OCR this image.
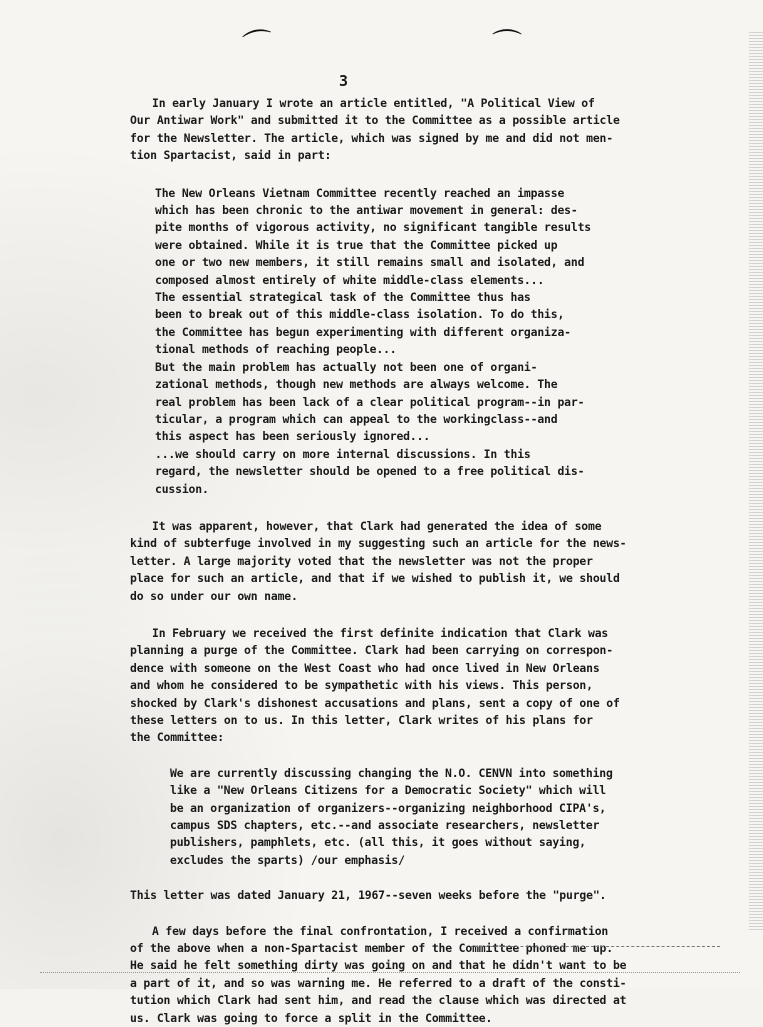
⌒	⌒
3

In early January I wrote an article entitled, "A Political View of
Our Antiwar Work" and submitted it to the Committee as a possible article
for the Newsletter. The article, which was signed by me and did not men-
tion Spartacist, said in part:

The New Orleans Vietnam Committee recently reached an impasse
which has been chronic to the antiwar movement in general: des-
pite months of vigorous activity, no significant tangible results
were obtained. While it is true that the Committee picked up
one or two new members, it still remains small and isolated, and
composed almost entirely of white middle-class elements...
The essential strategical task of the Committee thus has
been to break out of this middle-class isolation. To do this,
the Committee has begun experimenting with different organiza-
tional methods of reaching people...
But the main problem has actually not been one of organi-
zational methods, though new methods are always welcome. The
real problem has been lack of a clear political program--in par-
ticular, a program which can appeal to the workingclass--and
this aspect has been seriously ignored...
...we should carry on more internal discussions. In this
regard, the newsletter should be opened to a free political dis-
cussion.

It was apparent, however, that Clark had generated the idea of some
kind of subterfuge involved in my suggesting such an article for the news-
letter. A large majority voted that the newsletter was not the proper
place for such an article, and that if we wished to publish it, we should
do so under our own name.

In February we received the first definite indication that Clark was
planning a purge of the Committee. Clark had been carrying on correspon-
dence with someone on the West Coast who had once lived in New Orleans
and whom he considered to be sympathetic with his views. This person,
shocked by Clark's dishonest accusations and plans, sent a copy of one of
these letters on to us. In this letter, Clark writes of his plans for
the Committee:

We are currently discussing changing the N.O. CENVN into something
like a "New Orleans Citizens for a Democratic Society" which will
be an organization of organizers--organizing neighborhood CIPA's,
campus SDS chapters, etc.--and associate researchers, newsletter
publishers, pamphlets, etc. (all this, it goes without saying,
excludes the sparts) /our emphasis/

This letter was dated January 21, 1967--seven weeks before the "purge".

A few days before the final confrontation, I received a confirmation
of the above when a non-Spartacist member of the Committee phoned me up.
He said he felt something dirty was going on and that he didn't want to be
a part of it, and so was warning me. He referred to a draft of the consti-
tution which Clark had sent him, and read the clause which was directed at
us. Clark was going to force a split in the Committee.
